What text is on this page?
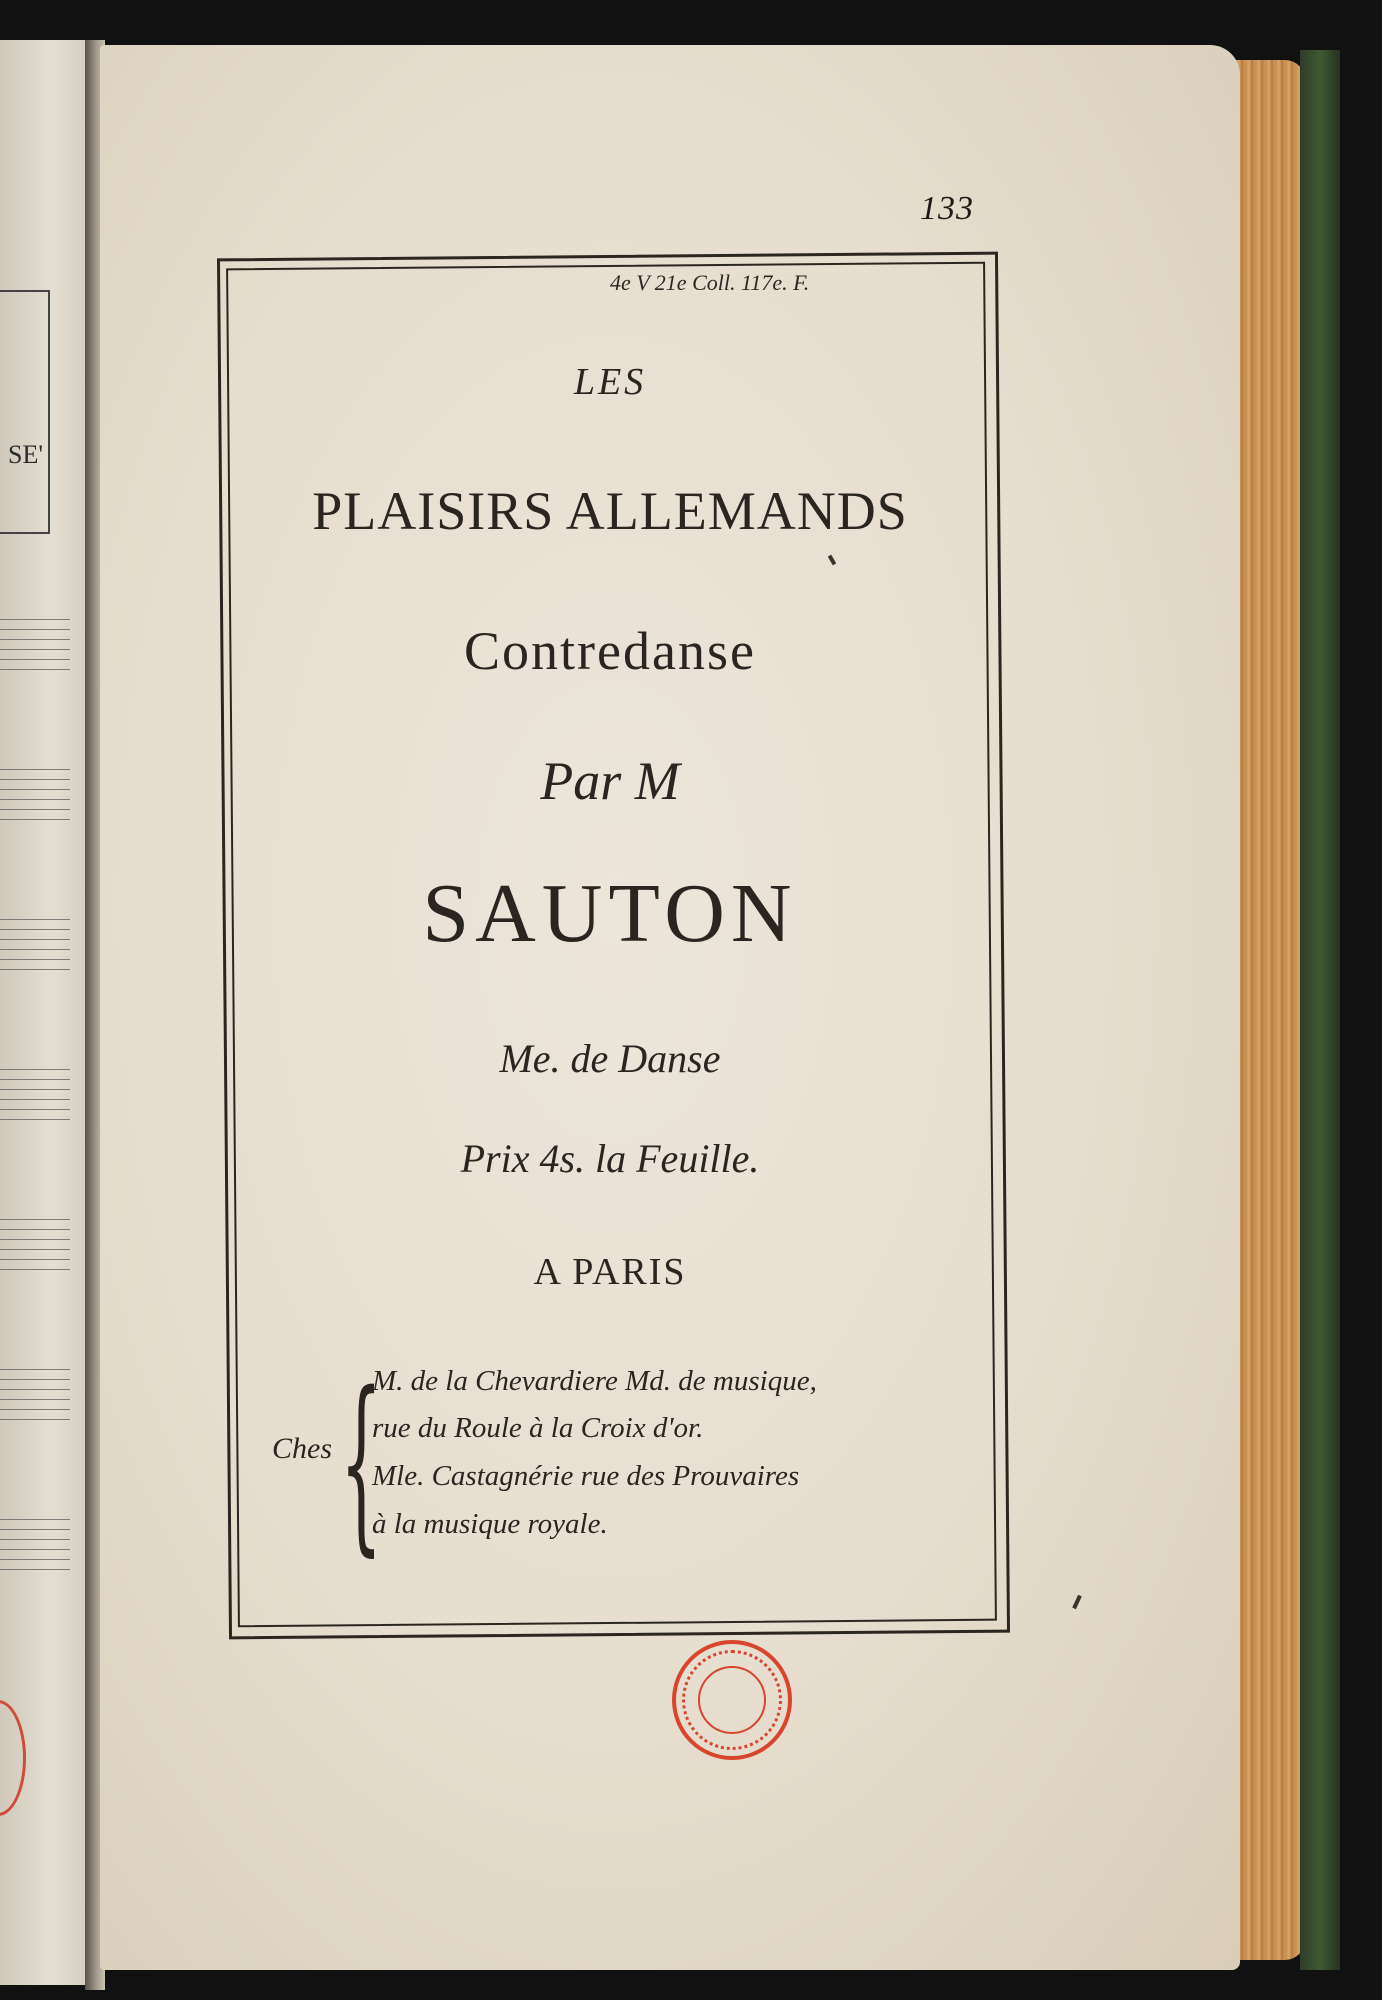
SE'
133
4e V 21e Coll. 117e. F.
LES
PLAISIRS ALLEMANDS
Contredanse
Par M
SAUTON
Me. de Danse
Prix 4s. la Feuille.
A PARIS
Ches {
M. de la Chevardiere Md. de musique,
rue du Roule à la Croix d'or.
Mle. Castagnérie rue des Prouvaires
à la musique royale.
